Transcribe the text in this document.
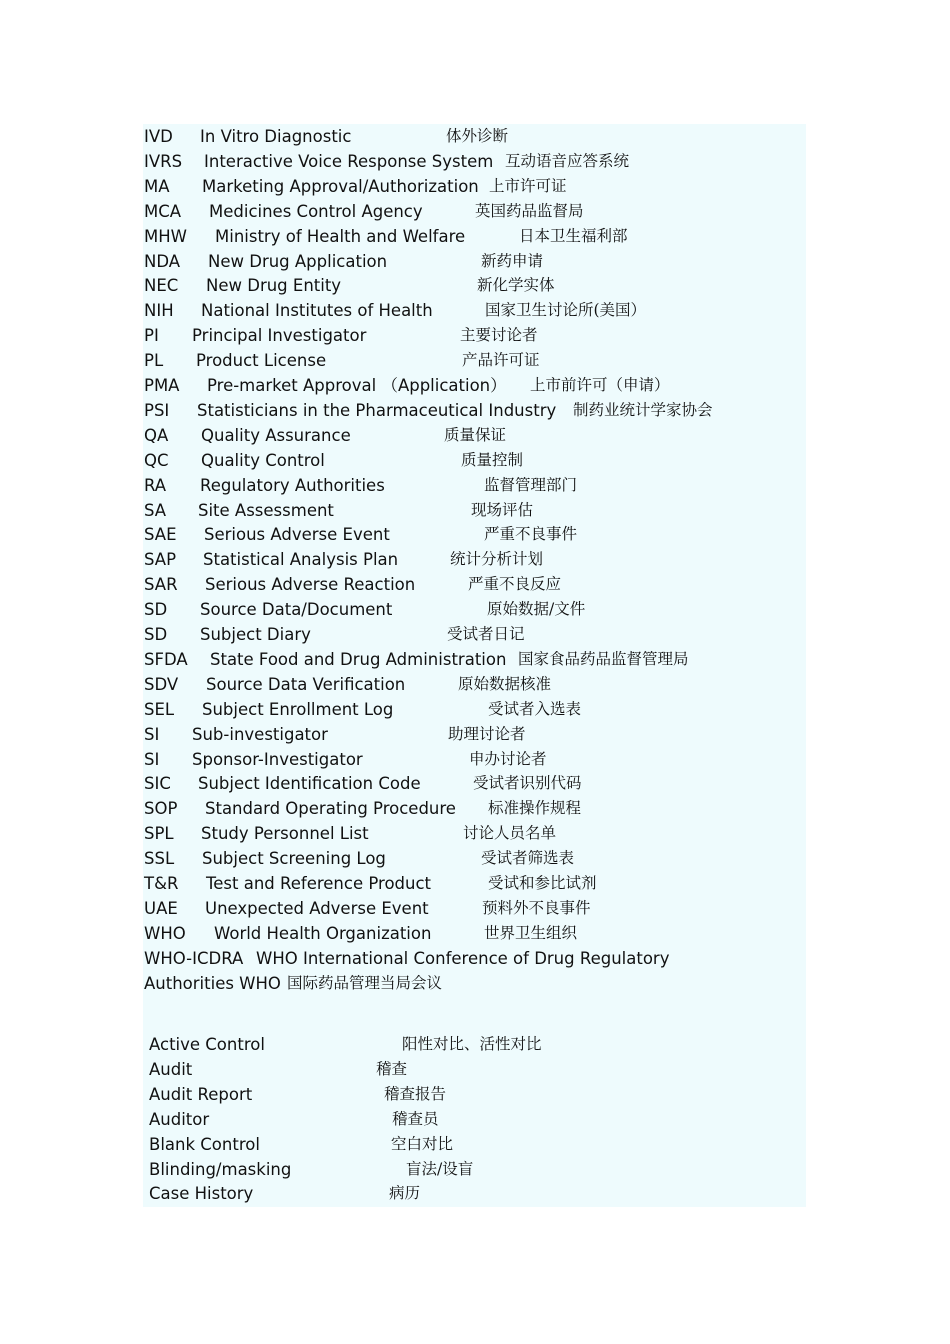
IVD In Vitro Diagnostic	体外诊断
IVRS Interactive Voice Response System 互动语音应答系统
MA Marketing Approval/Authorization 上市许可证
MCA Medicines Control Agency	英国药品监督局
MHW Ministry of Health and Welfare	日本卫生福利部
NDA New Drug Application	新药申请
NEC New Drug Entity	新化学实体
NIH National Institutes of Health	国家卫生讨论所(美国）
PI Principal Investigator	主要讨论者
PL Product License	产品许可证
PMA Pre-market Approval （Application） 上市前许可（申请）
PSI Statisticians in the Pharmaceutical Industry 制药业统计学家协会
QA Quality Assurance	质量保证
QC Quality Control	质量控制
RA Regulatory Authorities	监督管理部门
SA Site Assessment	现场评估
SAE Serious Adverse Event	严重不良事件
SAP Statistical Analysis Plan	统计分析计划
SAR Serious Adverse Reaction	严重不良反应
SD Source Data/Document	原始数据/文件
SD Subject Diary	受试者日记
SFDA State Food and Drug Administration 国家食品药品监督管理局
SDV Source Data Verification	原始数据核准
SEL Subject Enrollment Log	受试者入选表
SI Sub-investigator	助理讨论者
SI Sponsor-Investigator	申办讨论者
SIC Subject Identification Code	受试者识别代码
SOP Standard Operating Procedure 标准操作规程
SPL Study Personnel List	讨论人员名单
SSL Subject Screening Log	受试者筛选表
T&R Test and Reference Product	受试和参比试剂
UAE Unexpected Adverse Event	预料外不良事件
WHO World Health Organization	世界卫生组织
WHO-ICDRA WHO International Conference of Drug Regulatory
Authorities WHO 国际药品管理当局会议
Active Control	阳性对比、活性对比
Audit	稽查
Audit Report	稽查报告
Auditor	稽查员
Blank Control	空白对比
Blinding/masking	盲法/设盲
Case History	病历
